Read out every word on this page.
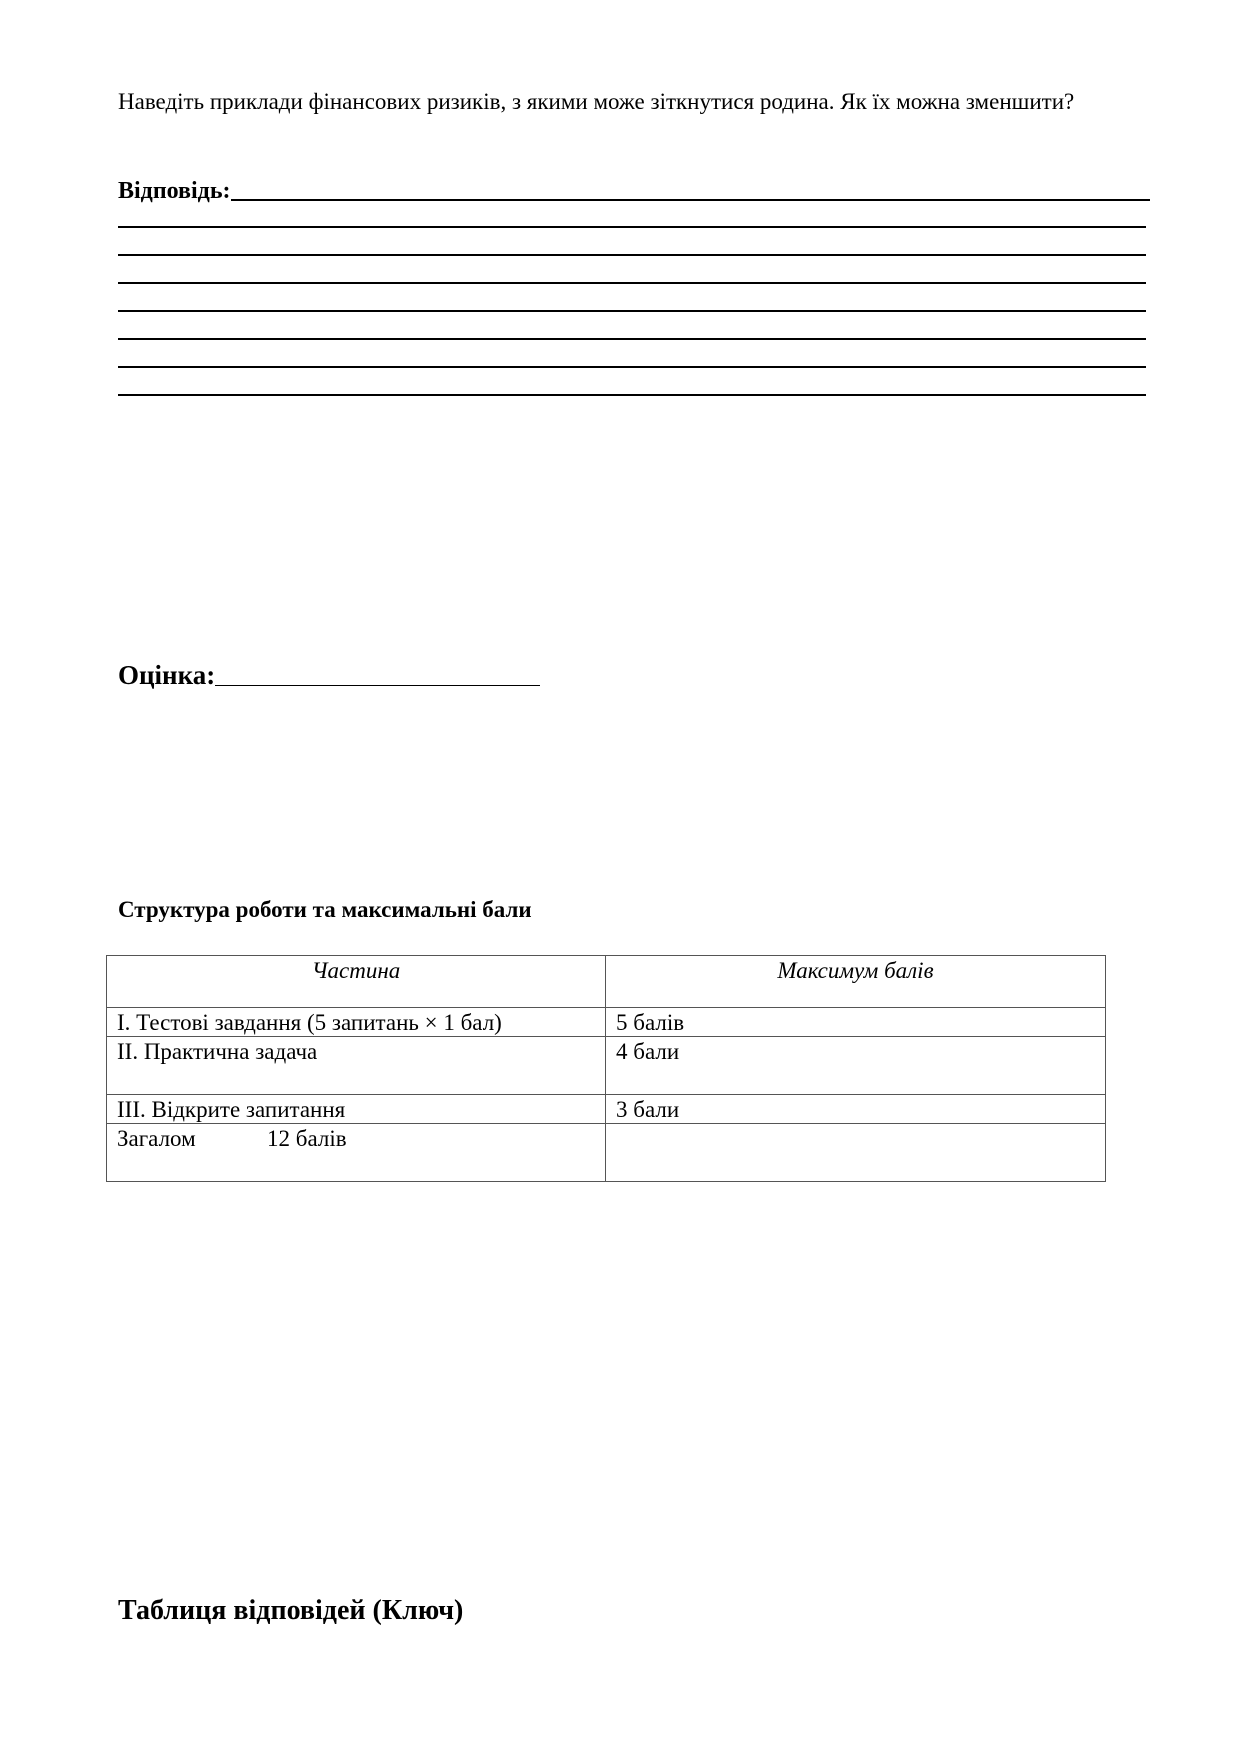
Наведіть приклади фінансових ризиків, з якими може зіткнутися родина. Як їх можна зменшити?
Відповідь:
Оцінка:
Структура роботи та максимальні бали
Частина	Максимум балів
I. Тестові завдання (5 запитань × 1 бал)	5 балів
II. Практична задача	4 бали
III. Відкрите запитання	3 бали
Загалом 12 балів	
Таблиця відповідей (Ключ)
